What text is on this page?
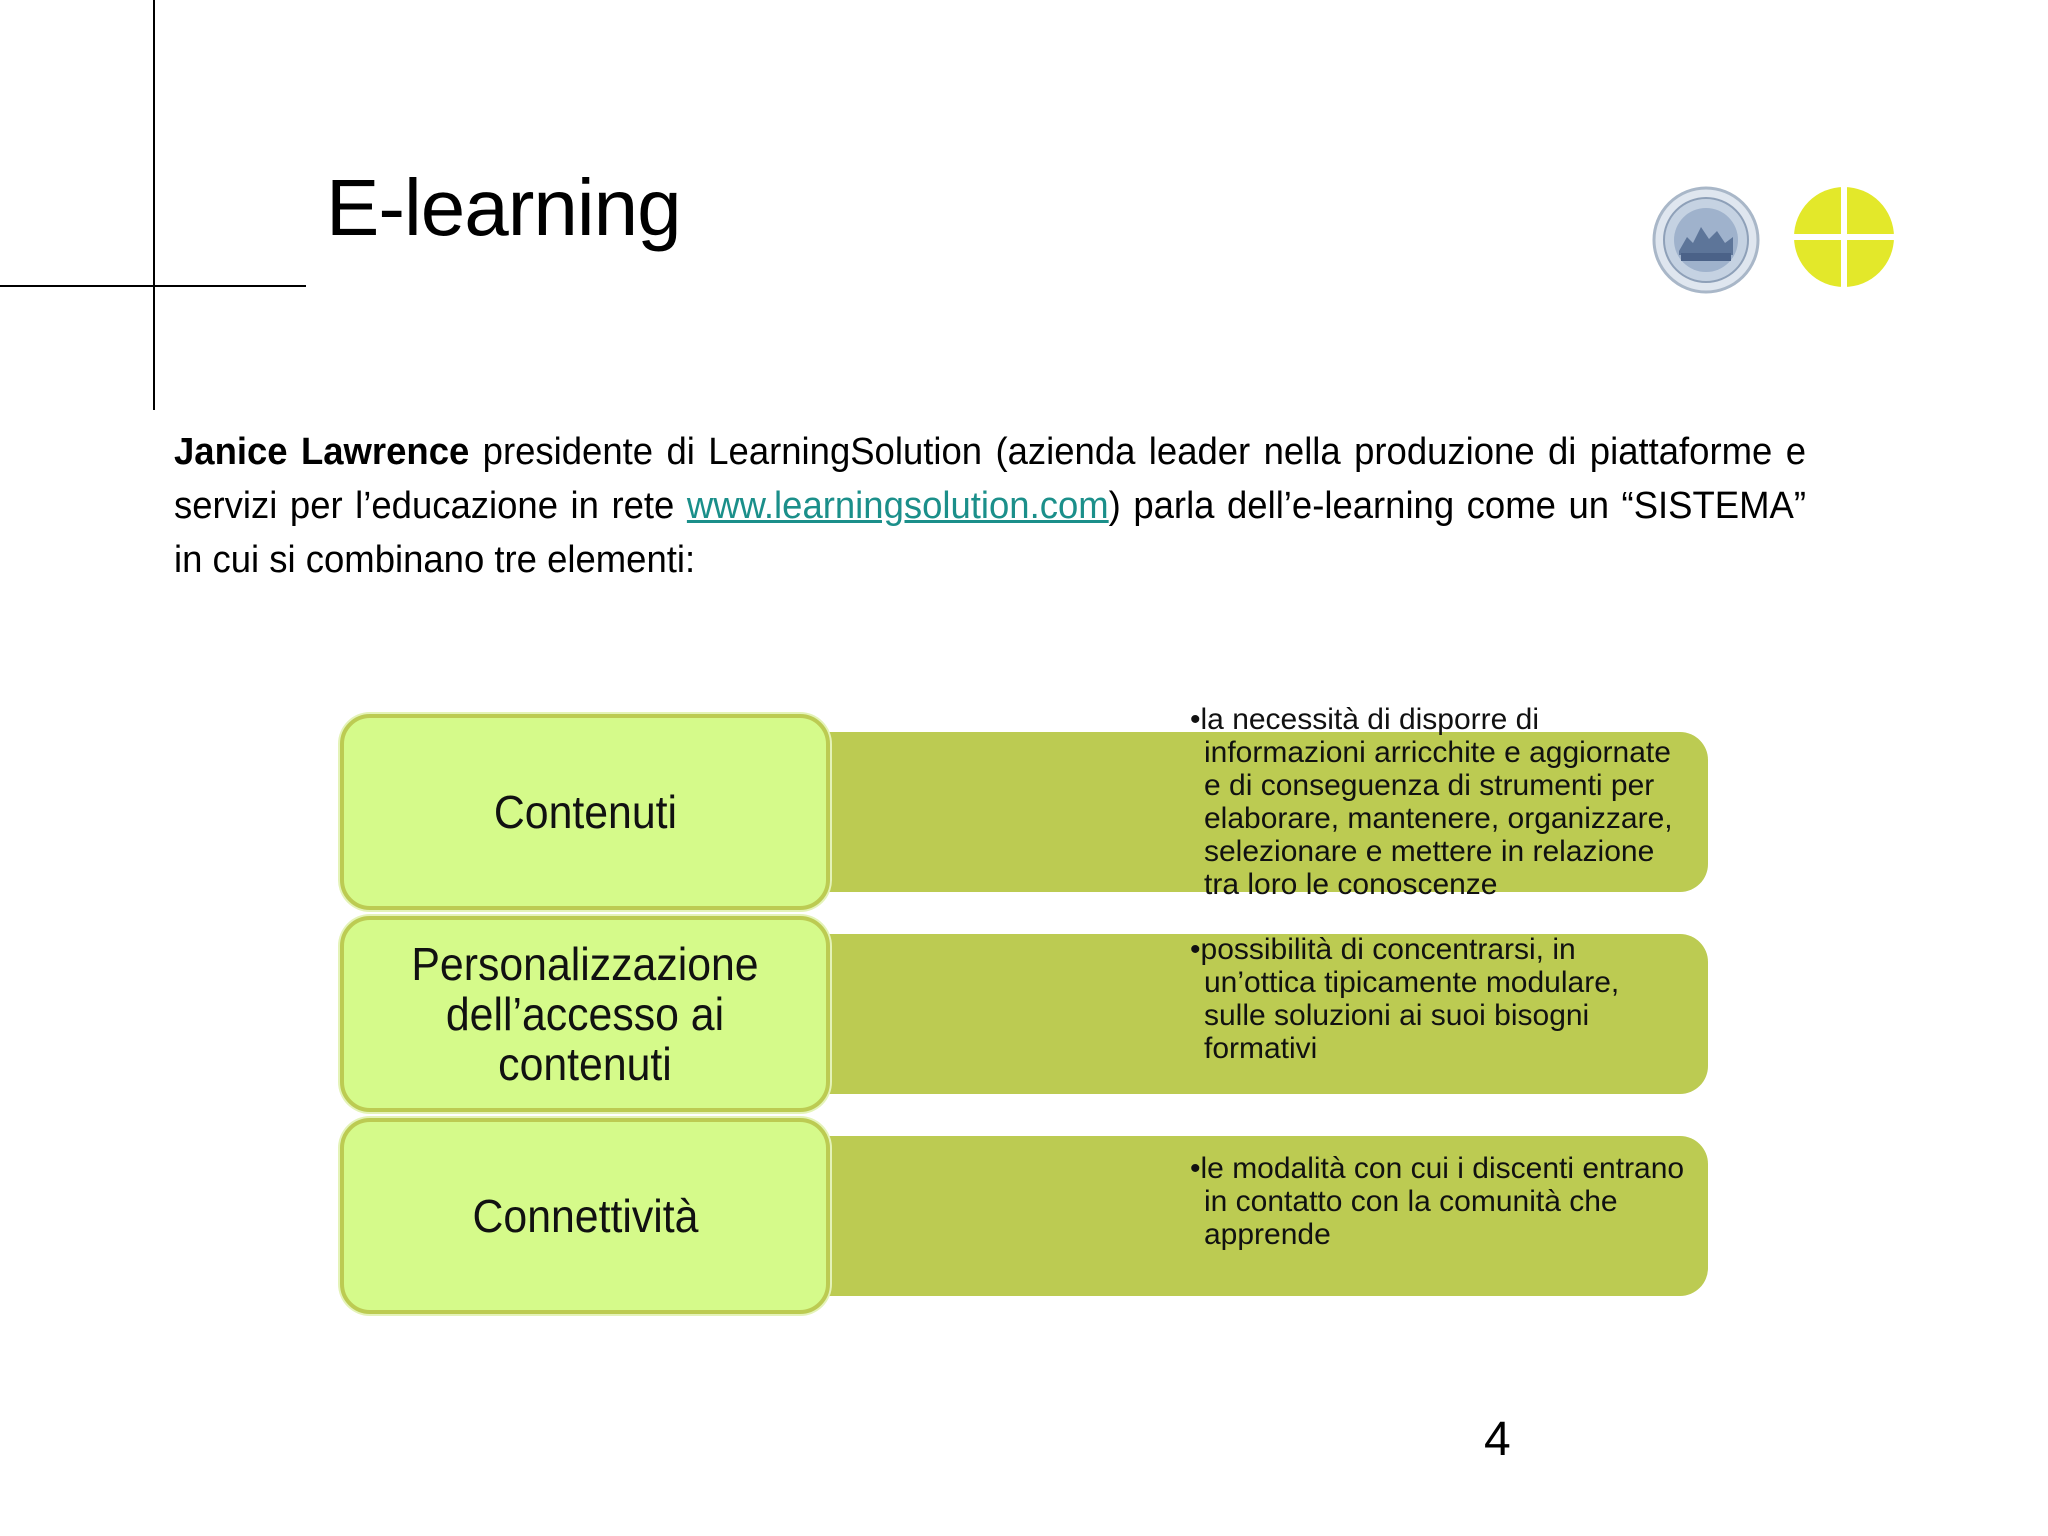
E-learning
Janice Lawrence presidente di LearningSolution (azienda leader nella produzione di piattaforme e servizi per l’educazione in rete www.learningsolution.com) parla dell’e-learning come un “SISTEMA” in cui si combinano tre elementi:
•la necessità di disporre di informazioni arricchite e aggiornate e di conseguenza di strumenti per elaborare, mantenere, organizzare, selezionare e mettere in relazione tra loro le conoscenze
Contenuti
•possibilità di concentrarsi, in un’ottica tipicamente modulare, sulle soluzioni ai suoi bisogni formativi
Personalizzazione
dell’accesso ai contenuti
•le modalità con cui i discenti entrano in contatto con la comunità che apprende
Connettività
4
